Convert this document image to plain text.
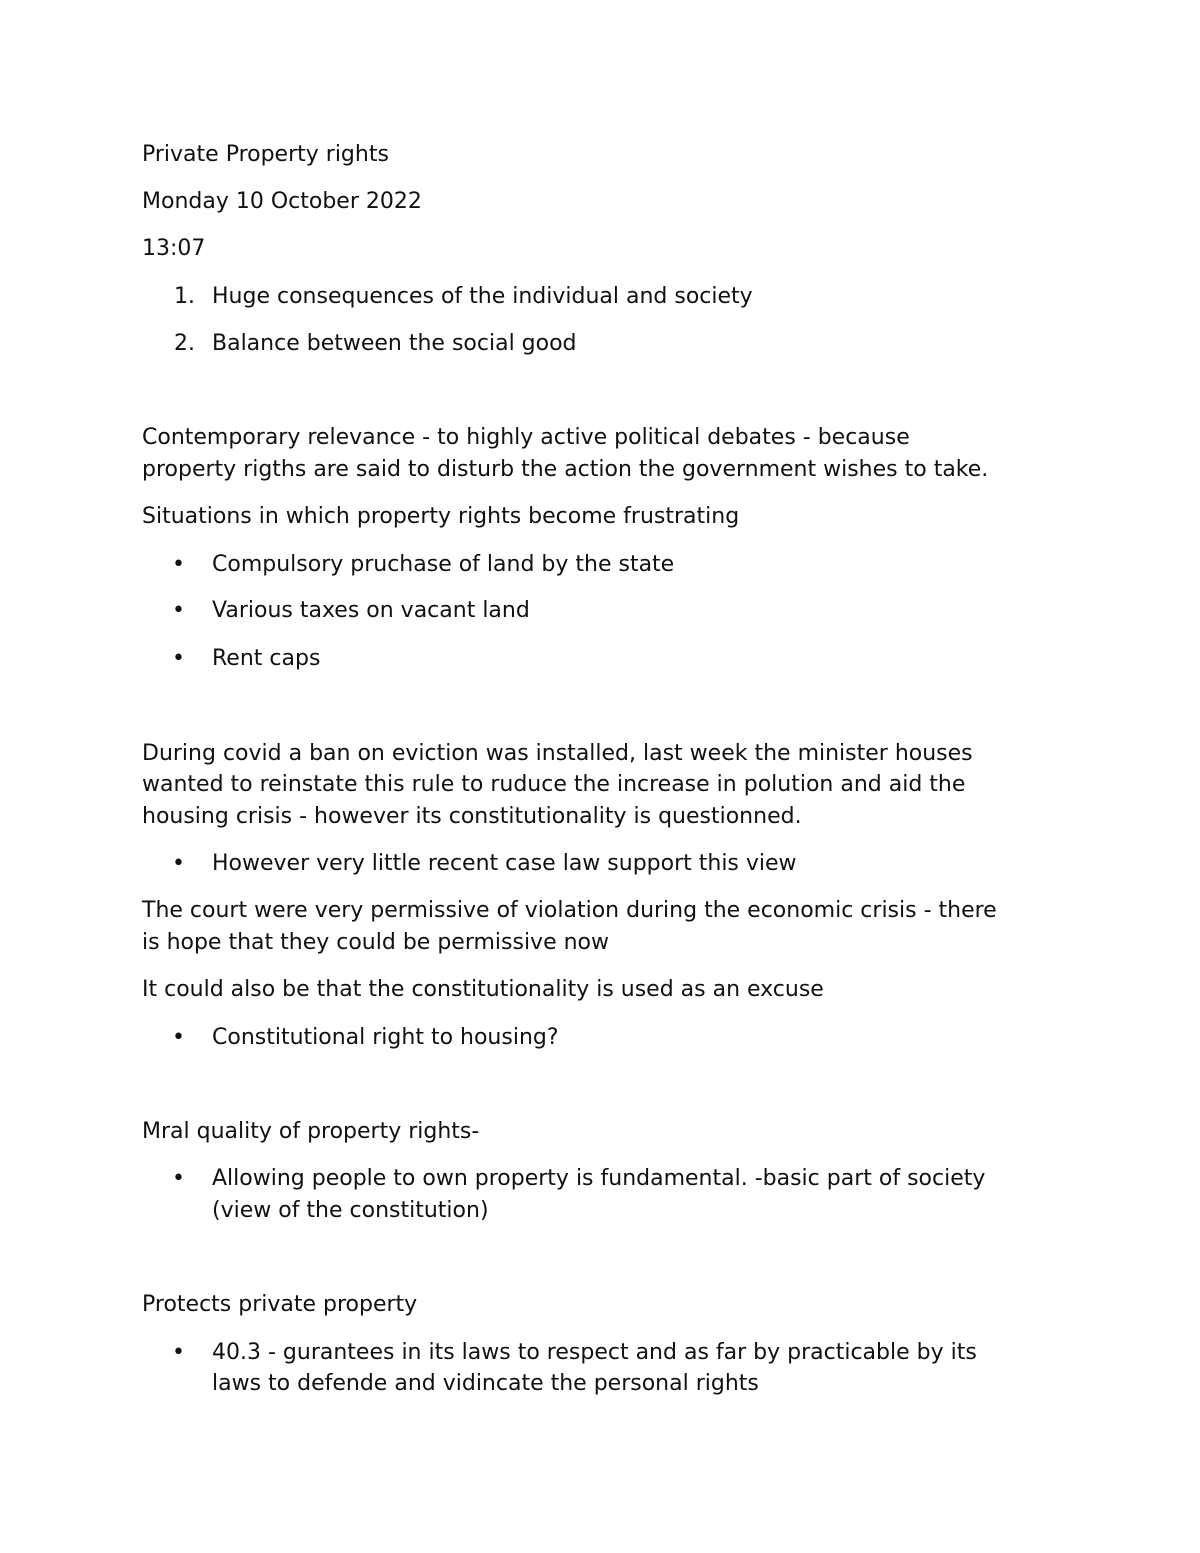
Private Property rights
Monday 10 October 2022
13:07
1. Huge consequences of the individual and society
2. Balance between the social good
Contemporary relevance - to highly active political debates - because
property rigths are said to disturb the action the government wishes to take.
Situations in which property rights become frustrating
•
Compulsory pruchase of land by the state
•
Various taxes on vacant land
•
Rent caps
During covid a ban on eviction was installed, last week the minister houses
wanted to reinstate this rule to ruduce the increase in polution and aid the
housing crisis - however its constitutionality is questionned.
•
However very little recent case law support this view
The court were very permissive of violation during the economic crisis - there
is hope that they could be permissive now
It could also be that the constitutionality is used as an excuse
•
Constitutional right to housing?
Mral quality of property rights-
•
Allowing people to own property is fundamental. -basic part of society
(view of the constitution)
Protects private property
•
40.3 - gurantees in its laws to respect and as far by practicable by its
laws to defende and vidincate the personal rights
